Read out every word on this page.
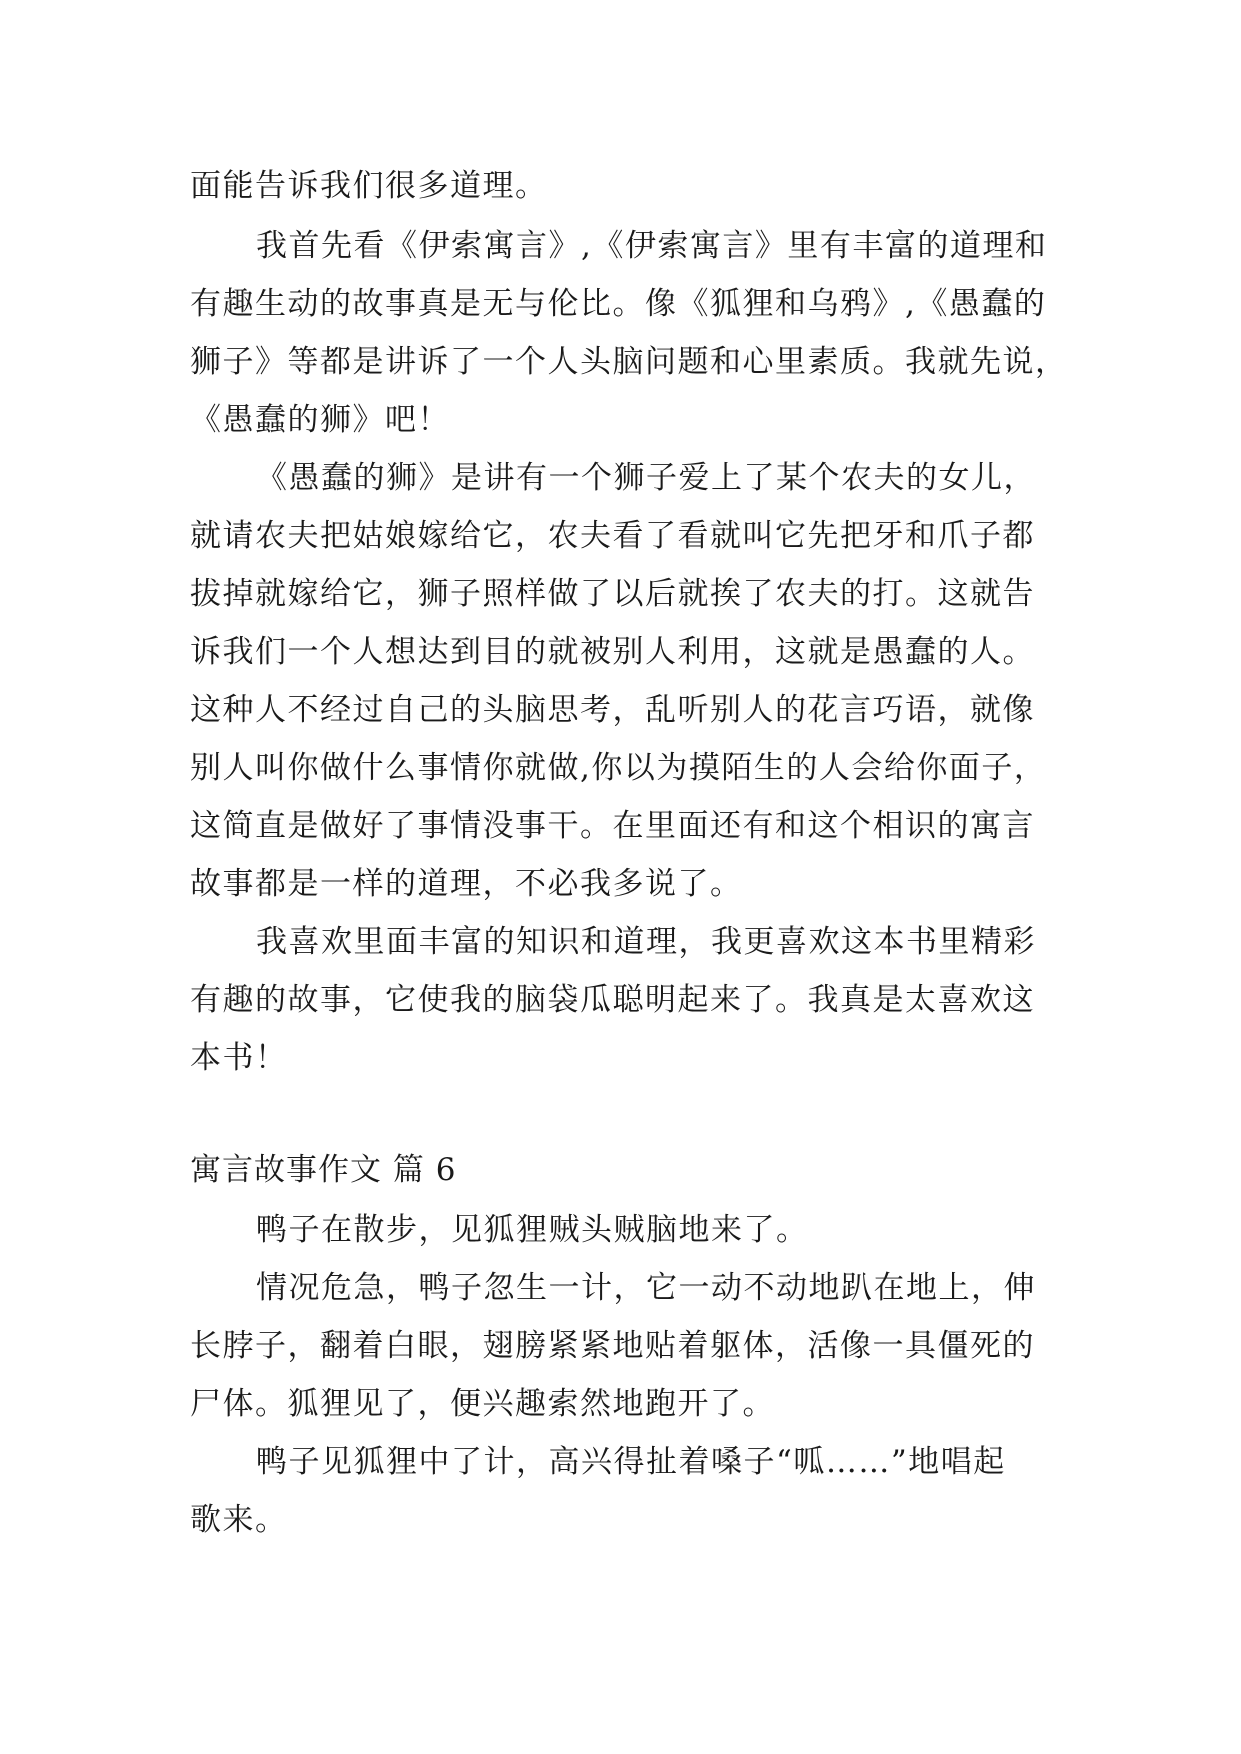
面能告诉我们很多道理。
我首先看《伊索寓言》,《伊索寓言》里有丰富的道理和
有趣生动的故事真是无与伦比。像《狐狸和乌鸦》,《愚蠢的
狮子》等都是讲诉了一个人头脑问题和心里素质。我就先说，
《愚蠢的狮》吧！
《愚蠢的狮》是讲有一个狮子爱上了某个农夫的女儿，
就请农夫把姑娘嫁给它，农夫看了看就叫它先把牙和爪子都
拔掉就嫁给它，狮子照样做了以后就挨了农夫的打。这就告
诉我们一个人想达到目的就被别人利用，这就是愚蠢的人。
这种人不经过自己的头脑思考，乱听别人的花言巧语，就像
别人叫你做什么事情你就做,你以为摸陌生的人会给你面子，
这简直是做好了事情没事干。在里面还有和这个相识的寓言
故事都是一样的道理，不必我多说了。
我喜欢里面丰富的知识和道理，我更喜欢这本书里精彩
有趣的故事，它使我的脑袋瓜聪明起来了。我真是太喜欢这
本书！
寓言故事作文 篇 6
鸭子在散步，见狐狸贼头贼脑地来了。
情况危急，鸭子忽生一计，它一动不动地趴在地上，伸
长脖子，翻着白眼，翅膀紧紧地贴着躯体，活像一具僵死的
尸体。狐狸见了，便兴趣索然地跑开了。
鸭子见狐狸中了计，高兴得扯着嗓子“呱……”地唱起
歌来。
